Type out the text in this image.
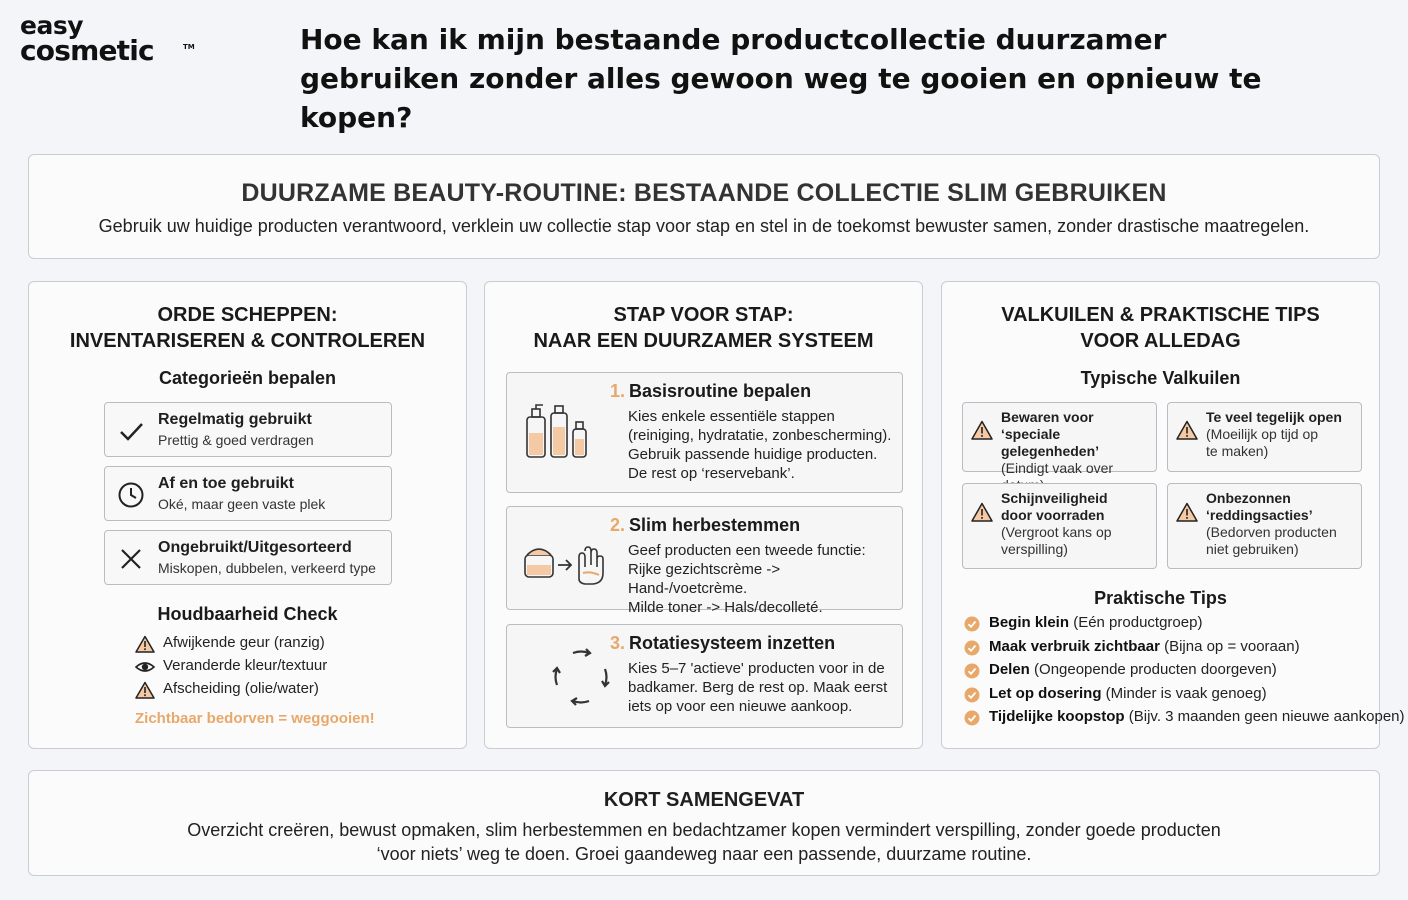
easy
cosmetic	TM	Hoe kan ik mijn bestaande productcollectie duurzamer gebruiken zonder alles gewoon weg te gooien en opnieuw te kopen?
DUURZAME BEAUTY-ROUTINE: BESTAANDE COLLECTIE SLIM GEBRUIKEN
Gebruik uw huidige producten verantwoord, verklein uw collectie stap voor stap en stel in de toekomst bewuster samen, zonder drastische maatregelen.
ORDE SCHEPPEN:
INVENTARISEREN & CONTROLEREN
Categorieën bepalen
Regelmatig gebruikt
Prettig & goed verdragen
Af en toe gebruikt
Oké, maar geen vaste plek
Ongebruikt/Uitgesorteerd
Miskopen, dubbelen, verkeerd type
Houdbaarheid Check
Afwijkende geur (ranzig)
Veranderde kleur/textuur
Afscheiding (olie/water)
Zichtbaar bedorven = weggooien!
STAP VOOR STAP:
NAAR EEN DUURZAMER SYSTEEM
1. Basisroutine bepalen
Kies enkele essentiële stappen
(reiniging, hydratatie, zonbescherming).
Gebruik passende huidige producten.
De rest op ‘reservebank’.
2. Slim herbestemmen
Geef producten een tweede functie:
Rijke gezichtscrème -> Hand-/voetcrème.
Milde toner -> Hals/decolleté.
3. Rotatiesysteem inzetten
Kies 5–7 'actieve' producten voor in de
badkamer. Berg de rest op. Maak eerst
iets op voor een nieuwe aankoop.
VALKUILEN & PRAKTISCHE TIPS
VOOR ALLEDAG
Typische Valkuilen
Bewaren voor ‘speciale
gelegenheden’
(Eindigt vaak over
Te veel tegelijk open
(Moeilijk op tijd op
te maken)
Schijnveiligheid
door voorraden
(Vergroot kans op
verspilling)
Onbezonnen
‘reddingsacties’
(Bedorven producten
niet gebruiken)
Praktische Tips
Begin klein (Eén productgroep)
Maak verbruik zichtbaar (Bijna op = vooraan)
Delen (Ongeopende producten doorgeven)
Let op dosering (Minder is vaak genoeg)
Tijdelijke koopstop (Bijv. 3 maanden geen nieuwe aankopen)
KORT SAMENGEVAT
Overzicht creëren, bewust opmaken, slim herbestemmen en bedachtzamer kopen vermindert verspilling, zonder goede producten
‘voor niets’ weg te doen. Groei gaandeweg naar een passende, duurzame routine.
